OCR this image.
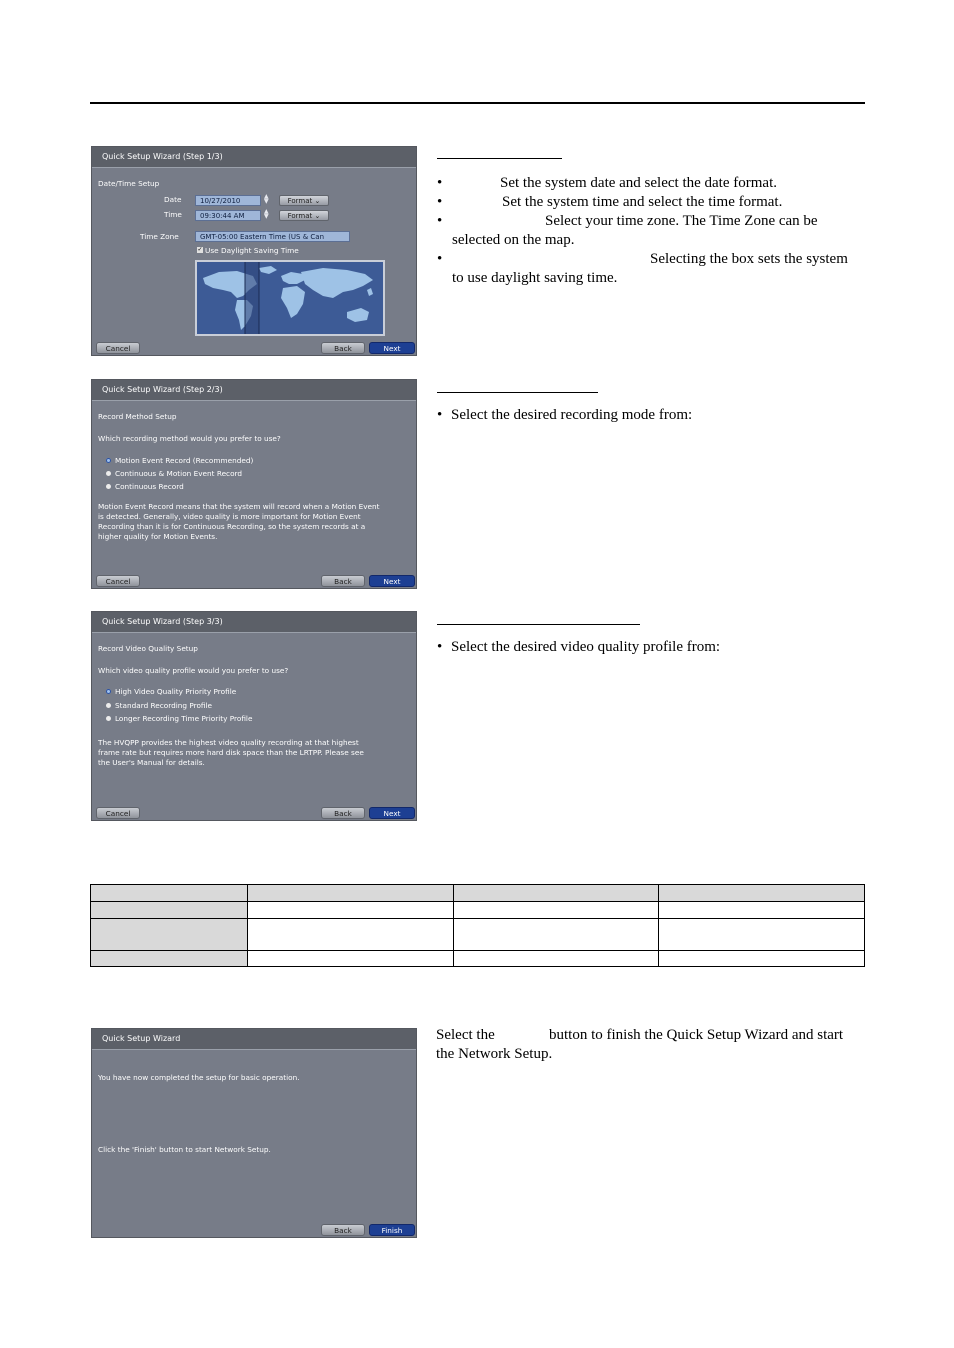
Quick Setup Wizard (Step 1/3)
Date/Time Setup
Date	10/27/2010
▲
▼	Format ⌄
Time	09:30:44 AM
▲
▼	Format ⌄
Time Zone	GMT-05:00 Eastern Time (US & Can
✓ Use Daylight Saving Time
Cancel	Back	Next
•	Set the system date and select the date format.
•	Set the system time and select the time format.
•	Select your time zone. The Time Zone can be
selected on the map.
•	Selecting the box sets the system
to use daylight saving time.
Quick Setup Wizard (Step 2/3)
Record Method Setup
Which recording method would you prefer to use?
Motion Event Record (Recommended)
Continuous & Motion Event Record
Continuous Record
Motion Event Record means that the system will record when a Motion Event
is detected. Generally, video quality is more important for Motion Event
Recording than it is for Continuous Recording, so the system records at a
higher quality for Motion Events.
Cancel	Back	Next
• Select the desired recording mode from:
Quick Setup Wizard (Step 3/3)
Record Video Quality Setup
Which video quality profile would you prefer to use?
High Video Quality Priority Profile
Standard Recording Profile
Longer Recording Time Priority Profile
The HVQPP provides the highest video quality recording at that highest
frame rate but requires more hard disk space than the LRTPP. Please see
the User's Manual for details.
Cancel	Back	Next
• Select the desired video quality profile from:

Quick Setup Wizard
You have now completed the setup for basic operation.
Click the 'Finish' button to start Network Setup.
Back	Finish
Select the	button to finish the Quick Setup Wizard and start
the Network Setup.
